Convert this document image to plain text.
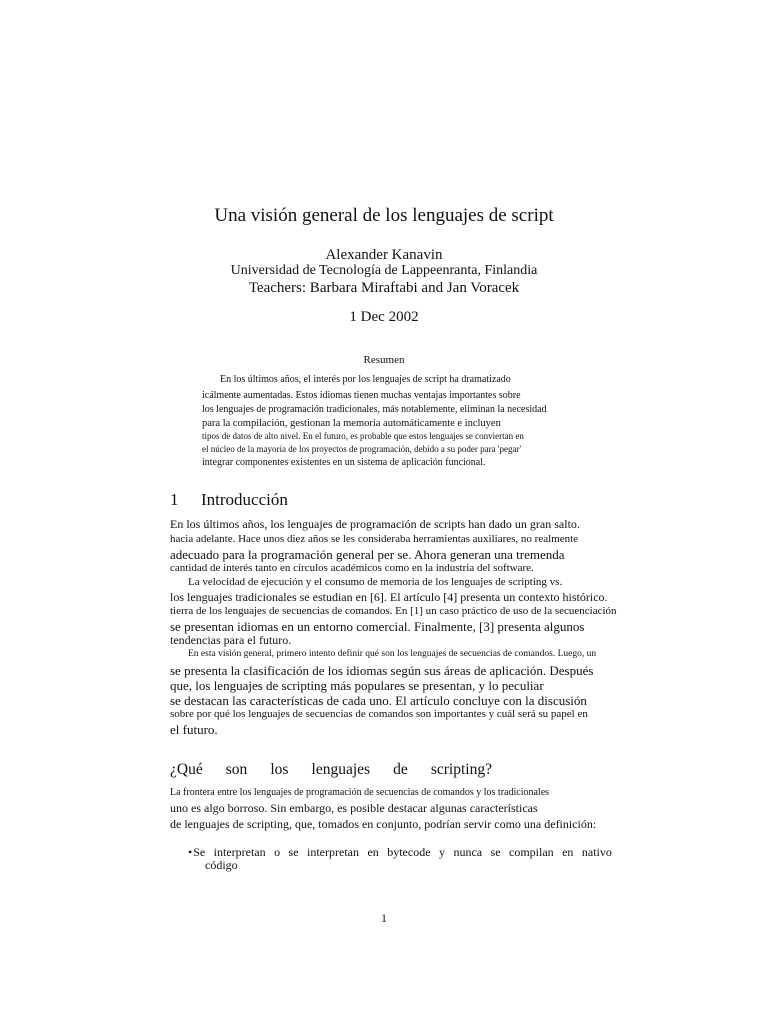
Una visión general de los lenguajes de script
Alexander Kanavin
Universidad de Tecnología de Lappeenranta, Finlandia
Teachers: Barbara Miraftabi and Jan Voracek
1 Dec 2002
Resumen
En los últimos años, el interés por los lenguajes de script ha dramatizado
icálmente aumentadas. Estos idiomas tienen muchas ventajas importantes sobre
los lenguajes de programación tradicionales, más notablemente, eliminan la necesidad
para la compilación, gestionan la memoria automáticamente e incluyen
tipos de datos de alto nivel. En el futuro, es probable que estos lenguajes se conviertan en
el núcleo de la mayoría de los proyectos de programación, debido a su poder para 'pegar'
integrar componentes existentes en un sistema de aplicación funcional.
1 Introducción
En los últimos años, los lenguajes de programación de scripts han dado un gran salto.
hacia adelante. Hace unos diez años se les consideraba herramientas auxiliares, no realmente
adecuado para la programación general per se. Ahora generan una tremenda
cantidad de interés tanto en círculos académicos como en la industria del software.
La velocidad de ejecución y el consumo de memoria de los lenguajes de scripting vs.
los lenguajes tradicionales se estudian en [6]. El artículo [4] presenta un contexto histórico.
tierra de los lenguajes de secuencias de comandos. En [1] un caso práctico de uso de la secuenciación
se presentan idiomas en un entorno comercial. Finalmente, [3] presenta algunos
tendencias para el futuro.
En esta visión general, primero intento definir qué son los lenguajes de secuencias de comandos. Luego, un
se presenta la clasificación de los idiomas según sus áreas de aplicación. Después
que, los lenguajes de scripting más populares se presentan, y lo peculiar
se destacan las características de cada uno. El artículo concluye con la discusión
sobre por qué los lenguajes de secuencias de comandos son importantes y cuál será su papel en
el futuro.
¿Qué son los lenguajes de scripting?
La frontera entre los lenguajes de programación de secuencias de comandos y los tradicionales
uno es algo borroso. Sin embargo, es posible destacar algunas características
de lenguajes de scripting, que, tomados en conjunto, podrían servir como una definición:
•Se interpretan o se interpretan en bytecode y nunca se compilan en nativo
código
1
